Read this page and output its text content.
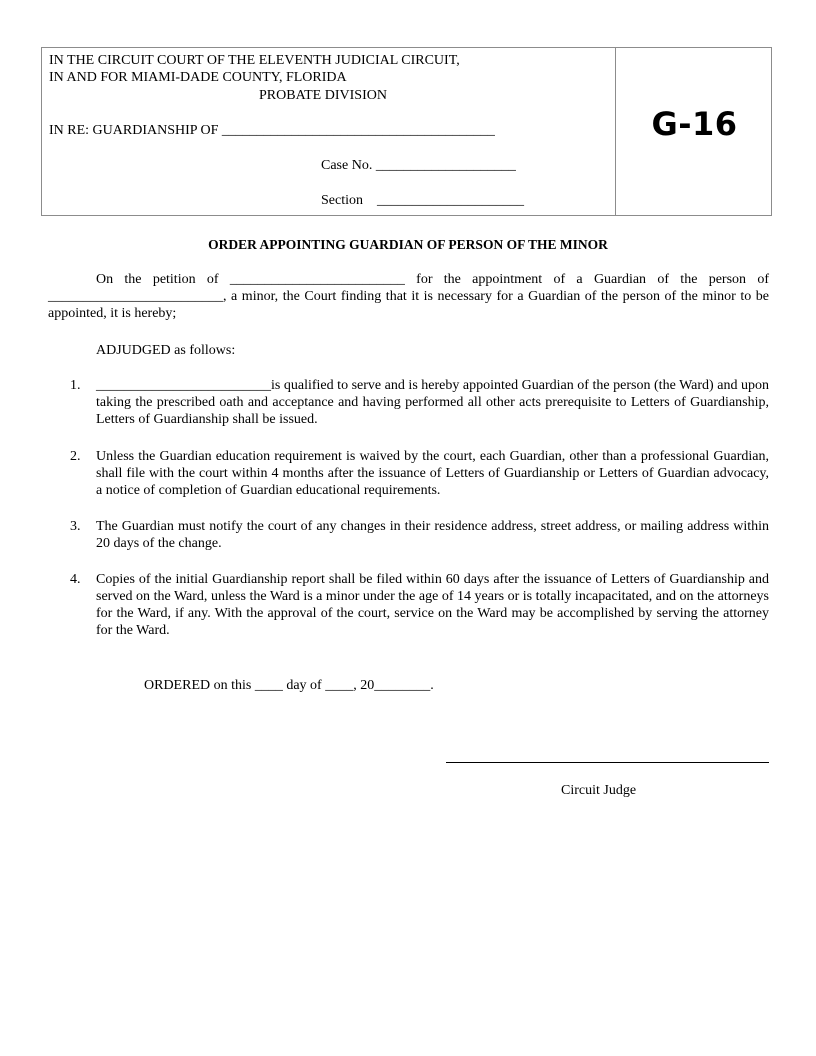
IN THE CIRCUIT COURT OF THE ELEVENTH JUDICIAL CIRCUIT,
IN AND FOR MIAMI-DADE COUNTY, FLORIDA
PROBATE DIVISION
IN RE: GUARDIANSHIP OF _______________________________________
Case No. ____________________
Section    _____________________
G-16
ORDER APPOINTING GUARDIAN OF PERSON OF THE MINOR
On the petition of _________________________ for the appointment of a Guardian of the person of _________________________, a minor, the Court finding that it is necessary for a Guardian of the person of the minor to be appointed, it is hereby;
ADJUDGED as follows:
1. _________________________is qualified to serve and is hereby appointed Guardian of the person (the Ward) and upon taking the prescribed oath and acceptance and having performed all other acts prerequisite to Letters of Guardianship, Letters of Guardianship shall be issued.
2. Unless the Guardian education requirement is waived by the court, each Guardian, other than a professional Guardian, shall file with the court within 4 months after the issuance of Letters of Guardianship or Letters of Guardian advocacy, a notice of completion of Guardian educational requirements.
3. The Guardian must notify the court of any changes in their residence address, street address, or mailing address within 20 days of the change.
4. Copies of the initial Guardianship report shall be filed within 60 days after the issuance of Letters of Guardianship and served on the Ward, unless the Ward is a minor under the age of 14 years or is totally incapacitated, and on the attorneys for the Ward, if any. With the approval of the court, service on the Ward may be accomplished by serving the attorney for the Ward.
ORDERED on this ____ day of ____, 20________.
Circuit Judge
